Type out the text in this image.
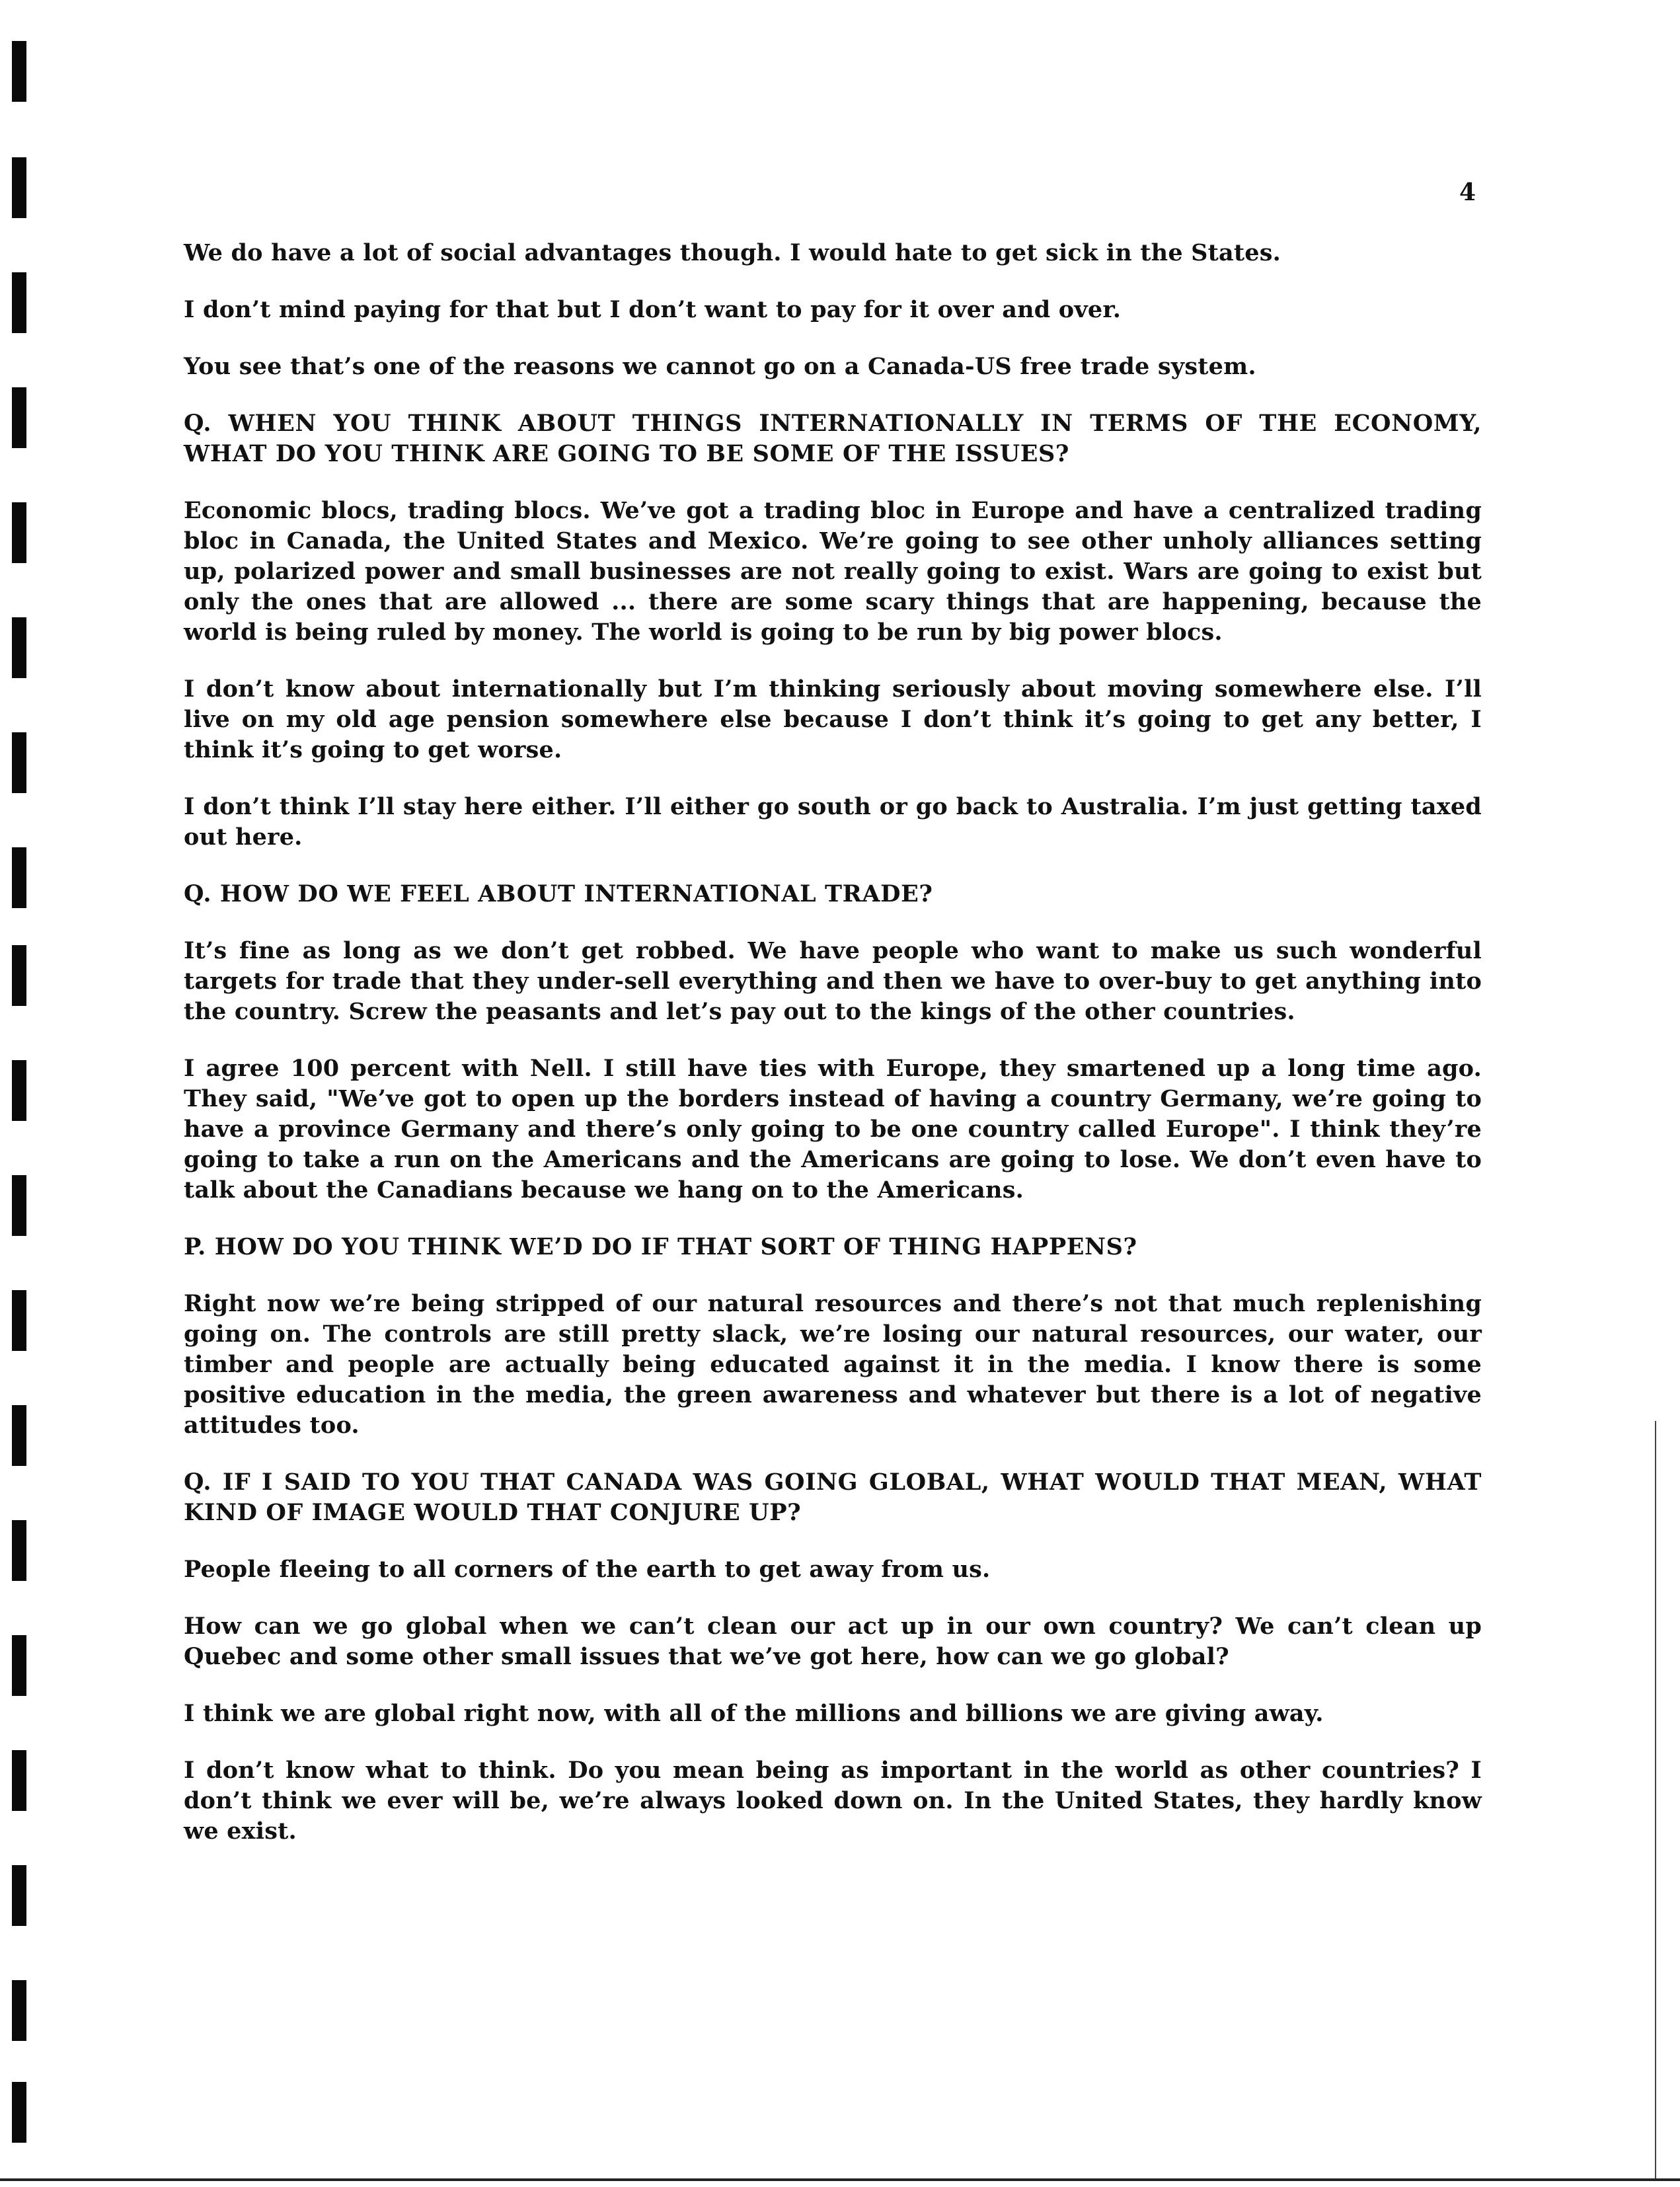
4

We do have a lot of social advantages though. I would hate to get sick in the States.

I don’t mind paying for that but I don’t want to pay for it over and over.

You see that’s one of the reasons we cannot go on a Canada-US free trade system.

Q. WHEN YOU THINK ABOUT THINGS INTERNATIONALLY IN TERMS OF THE ECONOMY, WHAT DO YOU THINK ARE GOING TO BE SOME OF THE ISSUES?

Economic blocs, trading blocs. We’ve got a trading bloc in Europe and have a centralized trading bloc in Canada, the United States and Mexico. We’re going to see other unholy alliances setting up, polarized power and small businesses are not really going to exist. Wars are going to exist but only the ones that are allowed ... there are some scary things that are happening, because the world is being ruled by money. The world is going to be run by big power blocs.

I don’t know about internationally but I’m thinking seriously about moving somewhere else. I’ll live on my old age pension somewhere else because I don’t think it’s going to get any better, I think it’s going to get worse.

I don’t think I’ll stay here either. I’ll either go south or go back to Australia. I’m just getting taxed out here.

Q. HOW DO WE FEEL ABOUT INTERNATIONAL TRADE?

It’s fine as long as we don’t get robbed. We have people who want to make us such wonderful targets for trade that they under-sell everything and then we have to over-buy to get anything into the country. Screw the peasants and let’s pay out to the kings of the other countries.

I agree 100 percent with Nell. I still have ties with Europe, they smartened up a long time ago. They said, "We’ve got to open up the borders instead of having a country Germany, we’re going to have a province Germany and there’s only going to be one country called Europe". I think they’re going to take a run on the Americans and the Americans are going to lose. We don’t even have to talk about the Canadians because we hang on to the Americans.

P. HOW DO YOU THINK WE’D DO IF THAT SORT OF THING HAPPENS?

Right now we’re being stripped of our natural resources and there’s not that much replenishing going on. The controls are still pretty slack, we’re losing our natural resources, our water, our timber and people are actually being educated against it in the media. I know there is some positive education in the media, the green awareness and whatever but there is a lot of negative attitudes too.

Q. IF I SAID TO YOU THAT CANADA WAS GOING GLOBAL, WHAT WOULD THAT MEAN, WHAT KIND OF IMAGE WOULD THAT CONJURE UP?

People fleeing to all corners of the earth to get away from us.

How can we go global when we can’t clean our act up in our own country? We can’t clean up Quebec and some other small issues that we’ve got here, how can we go global?

I think we are global right now, with all of the millions and billions we are giving away.

I don’t know what to think. Do you mean being as important in the world as other countries? I don’t think we ever will be, we’re always looked down on. In the United States, they hardly know we exist.
